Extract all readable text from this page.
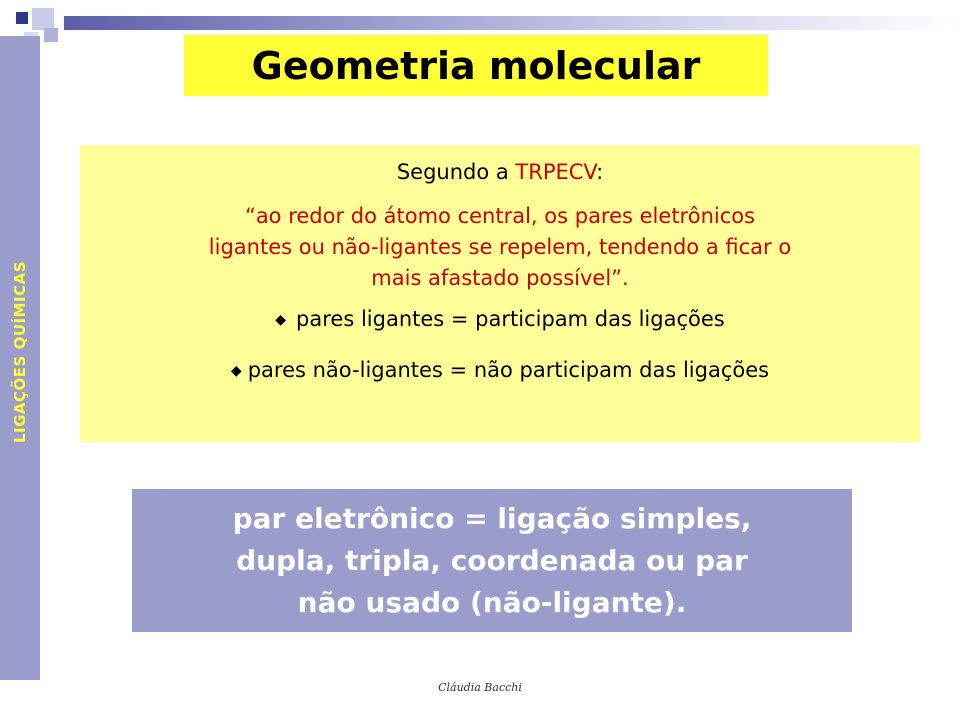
LIGAÇÕES QUÍMICAS
Geometria molecular
Segundo a TRPECV:
“ao redor do átomo central, os pares eletrônicos
ligantes ou não-ligantes se repelem, tendendo a ficar o
mais afastado possível”.
◆ pares ligantes = participam das ligações
◆ pares não-ligantes = não participam das ligações
par eletrônico = ligação simples,
dupla, tripla, coordenada ou par
não usado (não-ligante).
Cláudia Bacchi
